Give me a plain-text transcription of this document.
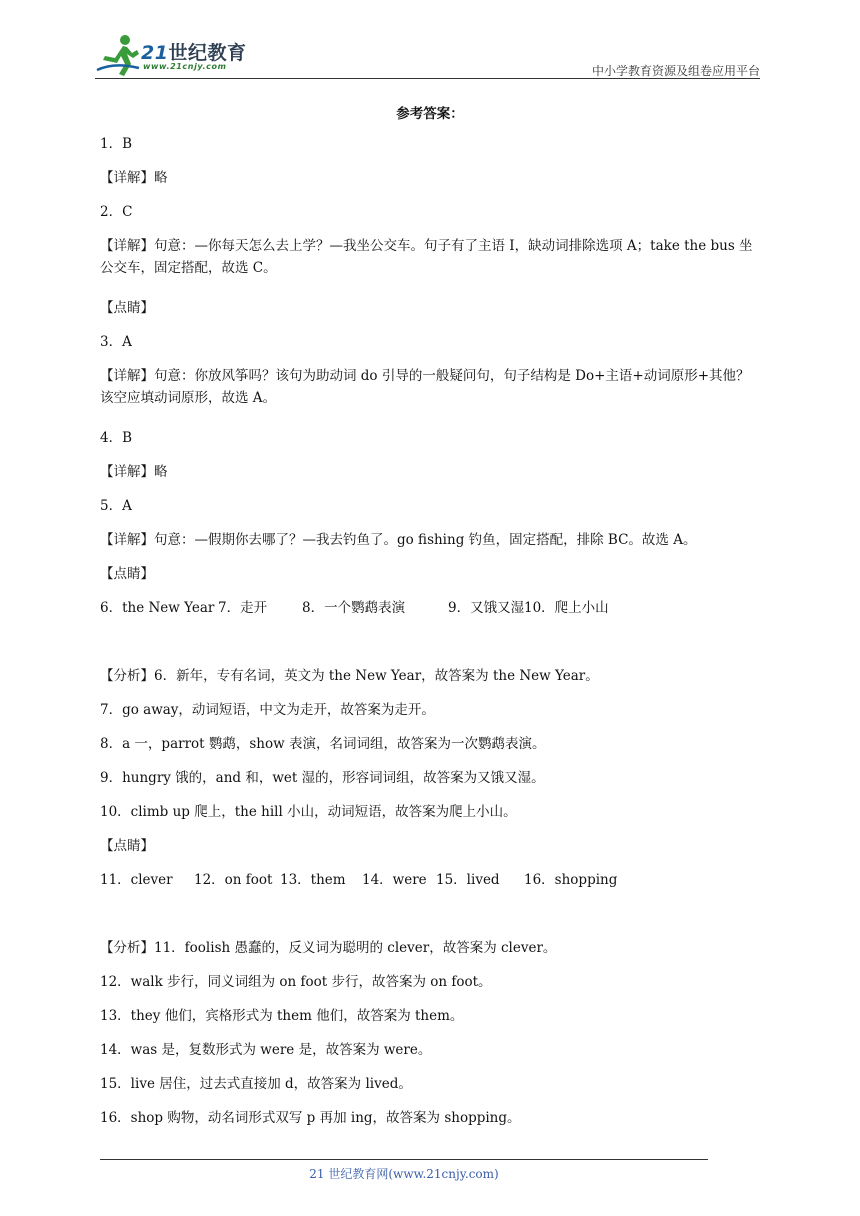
21世纪教育
www.21cnjy.com	中小学教育资源及组卷应用平台
参考答案：
1．B
【详解】略
2．C
【详解】句意：—你每天怎么去上学？—我坐公交车。句子有了主语 I，缺动词排除选项 A；take the bus 坐公交车，固定搭配，故选 C。
【点睛】
3．A
【详解】句意：你放风筝吗？该句为助动词 do 引导的一般疑问句，句子结构是 Do+主语+动词原形+其他？该空应填动词原形，故选 A。
4．B
【详解】略
5．A
【详解】句意：—假期你去哪了？—我去钓鱼了。go fishing 钓鱼，固定搭配，排除 BC。故选 A。
【点睛】
6．the New Year 7．走开	8．一个鹦鹉表演	9．又饿又湿 10．爬上小山
【分析】6．新年，专有名词，英文为 the New Year，故答案为 the New Year。
7．go away，动词短语，中文为走开，故答案为走开。
8．a 一，parrot 鹦鹉，show 表演，名词词组，故答案为一次鹦鹉表演。
9．hungry 饿的，and 和，wet 湿的，形容词词组，故答案为又饿又湿。
10．climb up 爬上，the hill 小山，动词短语，故答案为爬上小山。
【点睛】
11．clever	12．on foot 13．them	14．were 15．lived	16．shopping
【分析】11．foolish 愚蠢的，反义词为聪明的 clever，故答案为 clever。
12．walk 步行，同义词组为 on foot 步行，故答案为 on foot。
13．they 他们，宾格形式为 them 他们，故答案为 them。
14．was 是，复数形式为 were 是，故答案为 were。
15．live 居住，过去式直接加 d，故答案为 lived。
16．shop 购物，动名词形式双写 p 再加 ing，故答案为 shopping。
21 世纪教育网(www.21cnjy.com)
